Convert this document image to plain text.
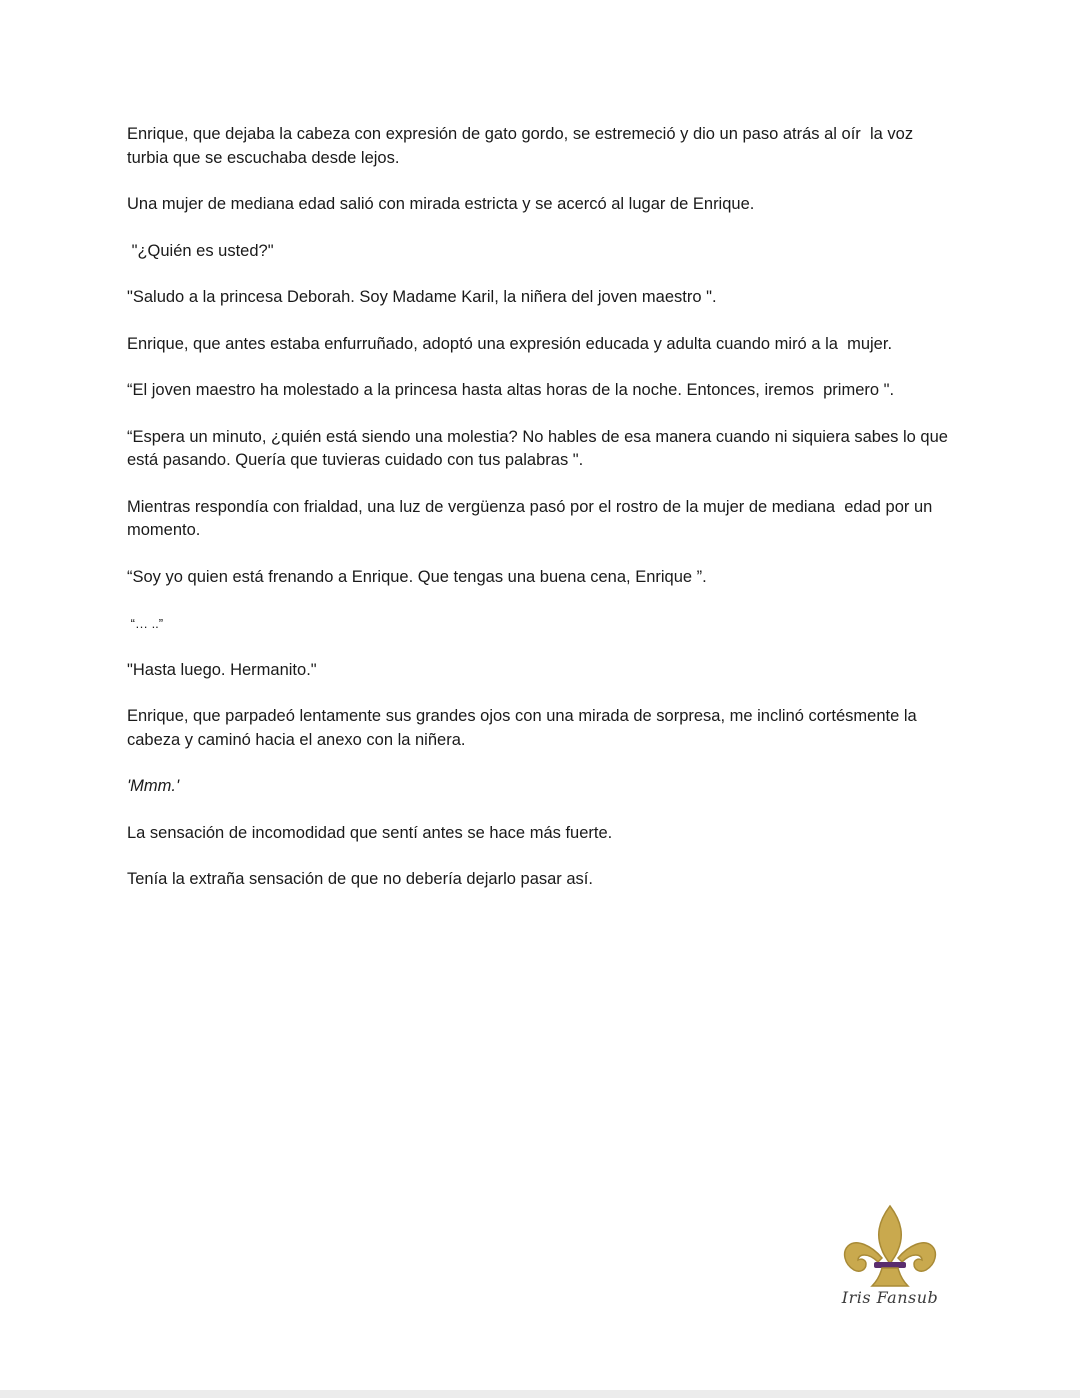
Enrique, que dejaba la cabeza con expresión de gato gordo, se estremeció y dio un paso atrás al oír  la voz turbia que se escuchaba desde lejos.

Una mujer de mediana edad salió con mirada estricta y se acercó al lugar de Enrique.

"¿Quién es usted?"

"Saludo a la princesa Deborah. Soy Madame Karil, la niñera del joven maestro ".

Enrique, que antes estaba enfurruñado, adoptó una expresión educada y adulta cuando miró a la  mujer.

“El joven maestro ha molestado a la princesa hasta altas horas de la noche. Entonces, iremos  primero ".

“Espera un minuto, ¿quién está siendo una molestia? No hables de esa manera cuando ni siquiera sabes lo que está pasando. Quería que tuvieras cuidado con tus palabras ".

Mientras respondía con frialdad, una luz de vergüenza pasó por el rostro de la mujer de mediana  edad por un momento.

“Soy yo quien está frenando a Enrique. Que tengas una buena cena, Enrique ”.

“… ..”

"Hasta luego. Hermanito."

Enrique, que parpadeó lentamente sus grandes ojos con una mirada de sorpresa, me inclinó cortésmente la cabeza y caminó hacia el anexo con la niñera.

'Mmm.'

La sensación de incomodidad que sentí antes se hace más fuerte.

Tenía la extraña sensación de que no debería dejarlo pasar así.

Iris Fansub
